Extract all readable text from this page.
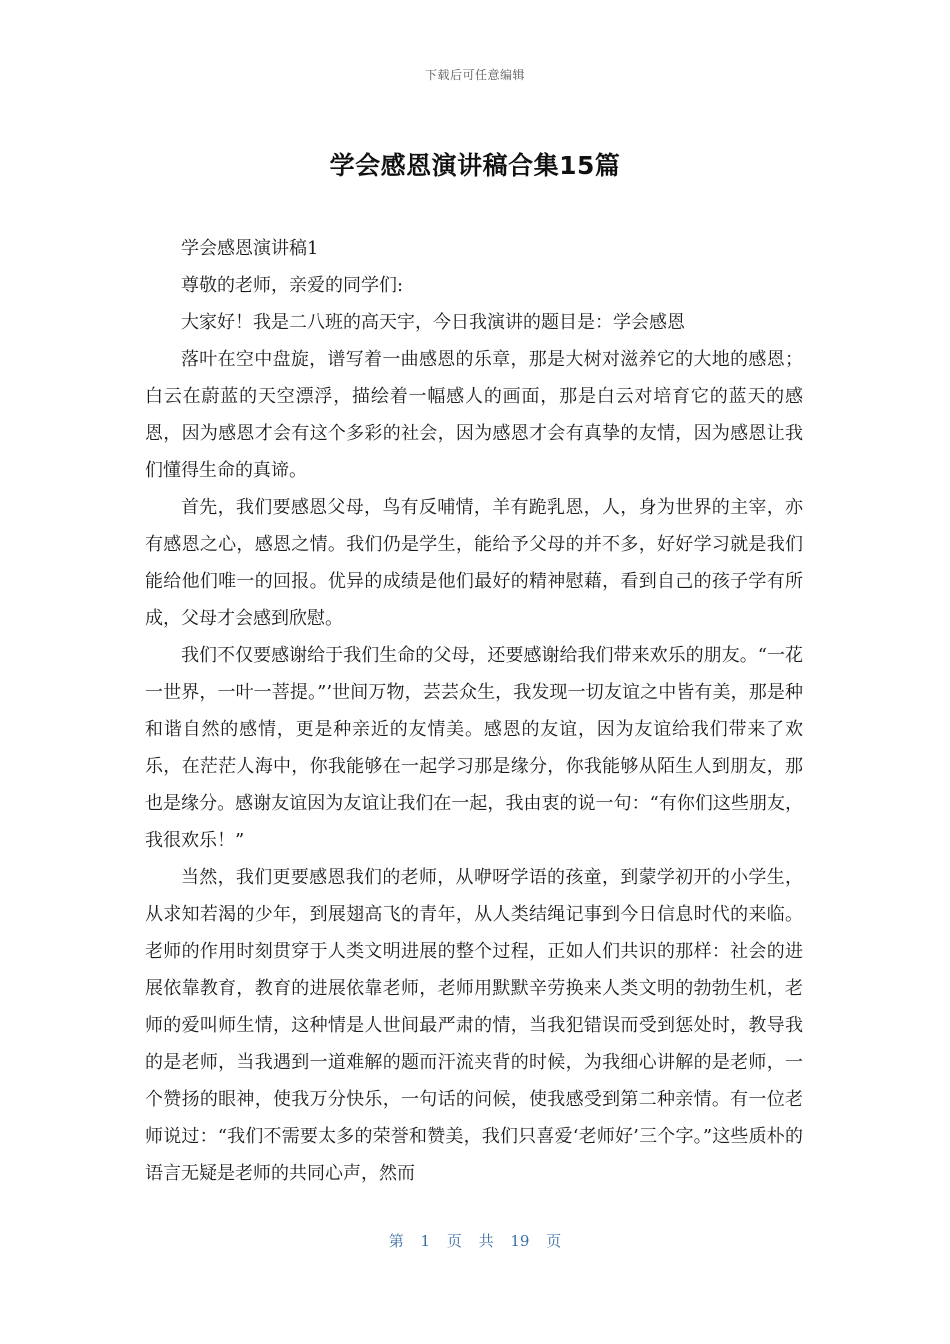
下载后可任意编辑
学会感恩演讲稿合集15篇

学会感恩演讲稿1

尊敬的老师，亲爱的同学们:

大家好！我是二八班的高天宇，今日我演讲的题目是：学会感恩

落叶在空中盘旋，谱写着一曲感恩的乐章，那是大树对滋养它的大地的感恩；白云在蔚蓝的天空漂浮，描绘着一幅感人的画面，那是白云对培育它的蓝天的感恩，因为感恩才会有这个多彩的社会，因为感恩才会有真挚的友情，因为感恩让我们懂得生命的真谛。

首先，我们要感恩父母，鸟有反哺情，羊有跪乳恩，人，身为世界的主宰，亦有感恩之心，感恩之情。我们仍是学生，能给予父母的并不多，好好学习就是我们能给他们唯一的回报。优异的成绩是他们最好的精神慰藉，看到自己的孩子学有所成，父母才会感到欣慰。

我们不仅要感谢给于我们生命的父母，还要感谢给我们带来欢乐的朋友。“一花一世界，一叶一菩提。”’世间万物，芸芸众生，我发现一切友谊之中皆有美，那是种和谐自然的感情，更是种亲近的友情美。感恩的友谊，因为友谊给我们带来了欢乐，在茫茫人海中，你我能够在一起学习那是缘分，你我能够从陌生人到朋友，那也是缘分。感谢友谊因为友谊让我们在一起，我由衷的说一句：“有你们这些朋友，我很欢乐！”

当然，我们更要感恩我们的老师，从咿呀学语的孩童，到蒙学初开的小学生，从求知若渴的少年，到展翅高飞的青年，从人类结绳记事到今日信息时代的来临。老师的作用时刻贯穿于人类文明进展的整个过程，正如人们共识的那样：社会的进展依靠教育，教育的进展依靠老师，老师用默默辛劳换来人类文明的勃勃生机，老师的爱叫师生情，这种情是人世间最严肃的情，当我犯错误而受到惩处时，教导我的是老师，当我遇到一道难解的题而汗流夹背的时候，为我细心讲解的是老师，一个赞扬的眼神，使我万分快乐，一句话的问候，使我感受到第二种亲情。有一位老师说过：“我们不需要太多的荣誉和赞美，我们只喜爱‘老师好’三个字。”这些质朴的语言无疑是老师的共同心声，然而

第 1 页 共 19 页
